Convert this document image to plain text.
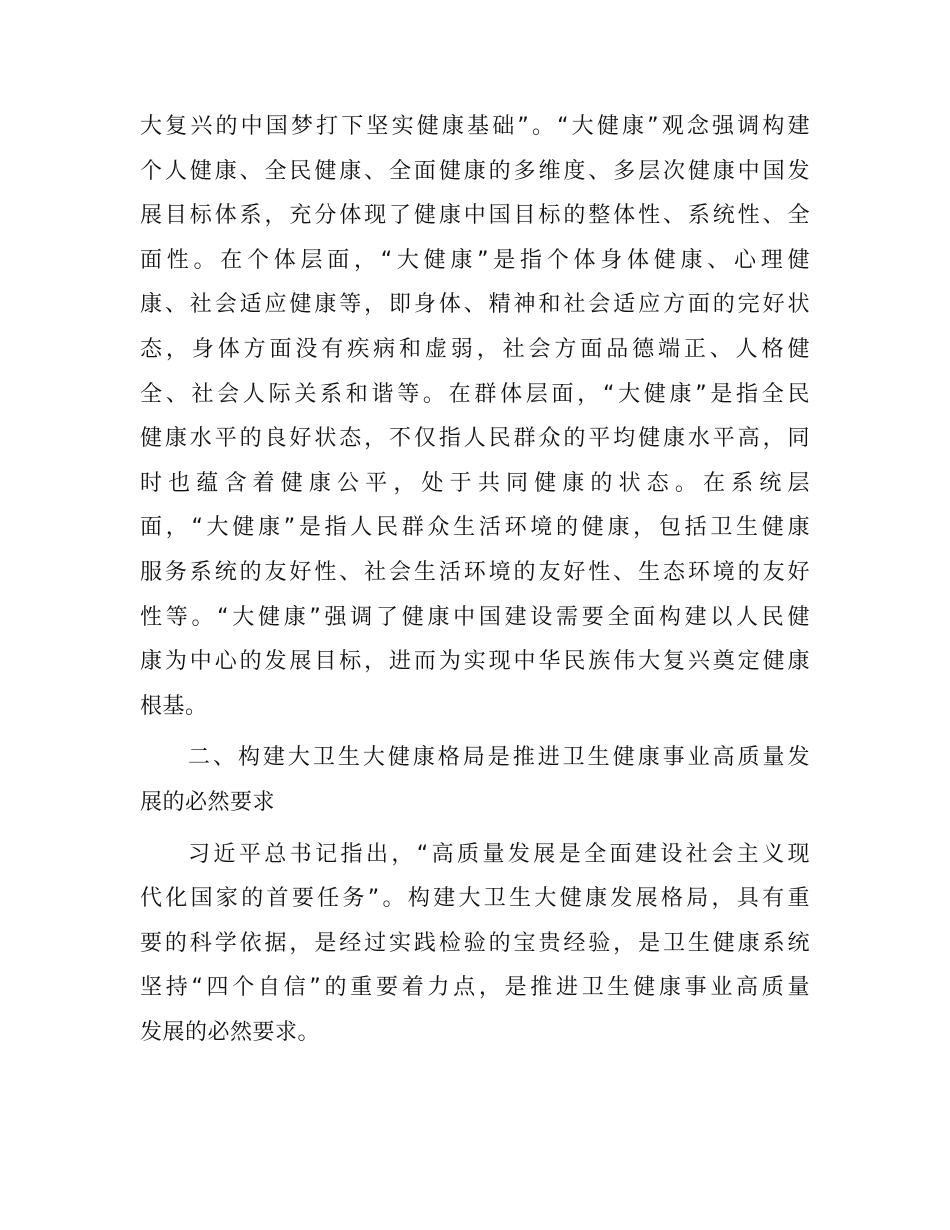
大复兴的中国梦打下坚实健康基础”。“大健康”观念强调构建
个人健康、全民健康、全面健康的多维度、多层次健康中国发
展目标体系，充分体现了健康中国目标的整体性、系统性、全
面性。在个体层面，“大健康”是指个体身体健康、心理健
康、社会适应健康等，即身体、精神和社会适应方面的完好状
态，身体方面没有疾病和虚弱，社会方面品德端正、人格健
全、社会人际关系和谐等。在群体层面，“大健康”是指全民
健康水平的良好状态，不仅指人民群众的平均健康水平高，同
时也蕴含着健康公平，处于共同健康的状态。在系统层
面，“大健康”是指人民群众生活环境的健康，包括卫生健康
服务系统的友好性、社会生活环境的友好性、生态环境的友好
性等。“大健康”强调了健康中国建设需要全面构建以人民健
康为中心的发展目标，进而为实现中华民族伟大复兴奠定健康
根基。
二、构建大卫生大健康格局是推进卫生健康事业高质量发
展的必然要求
习近平总书记指出，“高质量发展是全面建设社会主义现
代化国家的首要任务”。构建大卫生大健康发展格局，具有重
要的科学依据，是经过实践检验的宝贵经验，是卫生健康系统
坚持“四个自信”的重要着力点，是推进卫生健康事业高质量
发展的必然要求。
